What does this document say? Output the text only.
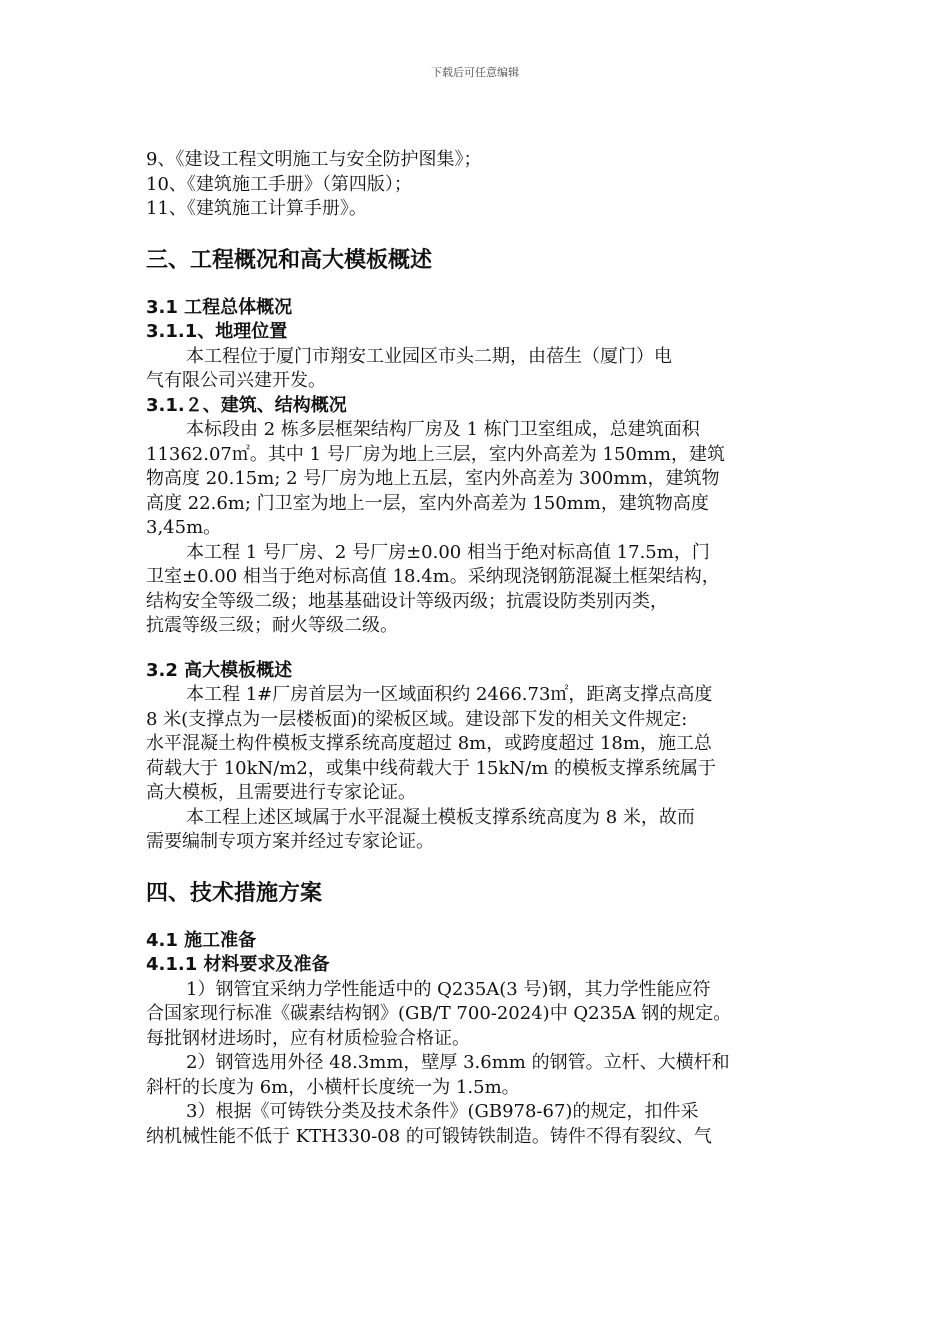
下载后可任意编辑
9、《建设工程文明施工与安全防护图集》；
10、《建筑施工手册》（第四版）；
11、《建筑施工计算手册》。
三、工程概况和高大模板概述
3.1 工程总体概况
3.1.1、地理位置
本工程位于厦门市翔安工业园区市头二期，由蓓生（厦门）电
气有限公司兴建开发。
3.1.２、建筑、结构概况
本标段由 2 栋多层框架结构厂房及 1 栋门卫室组成，总建筑面积
11362.07㎡。其中 1 号厂房为地上三层，室内外高差为 150mm，建筑
物高度 20.15m; 2 号厂房为地上五层，室内外高差为 300mm，建筑物
高度 22.6m; 门卫室为地上一层，室内外高差为 150mm，建筑物高度
3,45m。
本工程 1 号厂房、2 号厂房±0.00 相当于绝对标高值 17.5m，门
卫室±0.00 相当于绝对标高值 18.4m。采纳现浇钢筋混凝土框架结构，
结构安全等级二级；地基基础设计等级丙级；抗震设防类别丙类，
抗震等级三级；耐火等级二级。
3.2 高大模板概述
本工程 1#厂房首层为一区域面积约 2466.73㎡，距离支撑点高度
8 米(支撑点为一层楼板面)的梁板区域。建设部下发的相关文件规定:
水平混凝土构件模板支撑系统高度超过 8m，或跨度超过 18m，施工总
荷载大于 10kN/m2，或集中线荷载大于 15kN/m 的模板支撑系统属于
高大模板，且需要进行专家论证。
本工程上述区域属于水平混凝土模板支撑系统高度为 8 米，故而
需要编制专项方案并经过专家论证。
四、技术措施方案
4.1 施工准备
4.1.1 材料要求及准备
1）钢管宜采纳力学性能适中的 Q235A(3 号)钢，其力学性能应符
合国家现行标准《碳素结构钢》(GB/T 700-2024)中 Q235A 钢的规定。
每批钢材进场时，应有材质检验合格证。
2）钢管选用外径 48.3mm，壁厚 3.6mm 的钢管。立杆、大横杆和
斜杆的长度为 6m，小横杆长度统一为 1.5m。
3）根据《可铸铁分类及技术条件》(GB978-67)的规定，扣件采
纳机械性能不低于 KTH330-08 的可锻铸铁制造。铸件不得有裂纹、气
